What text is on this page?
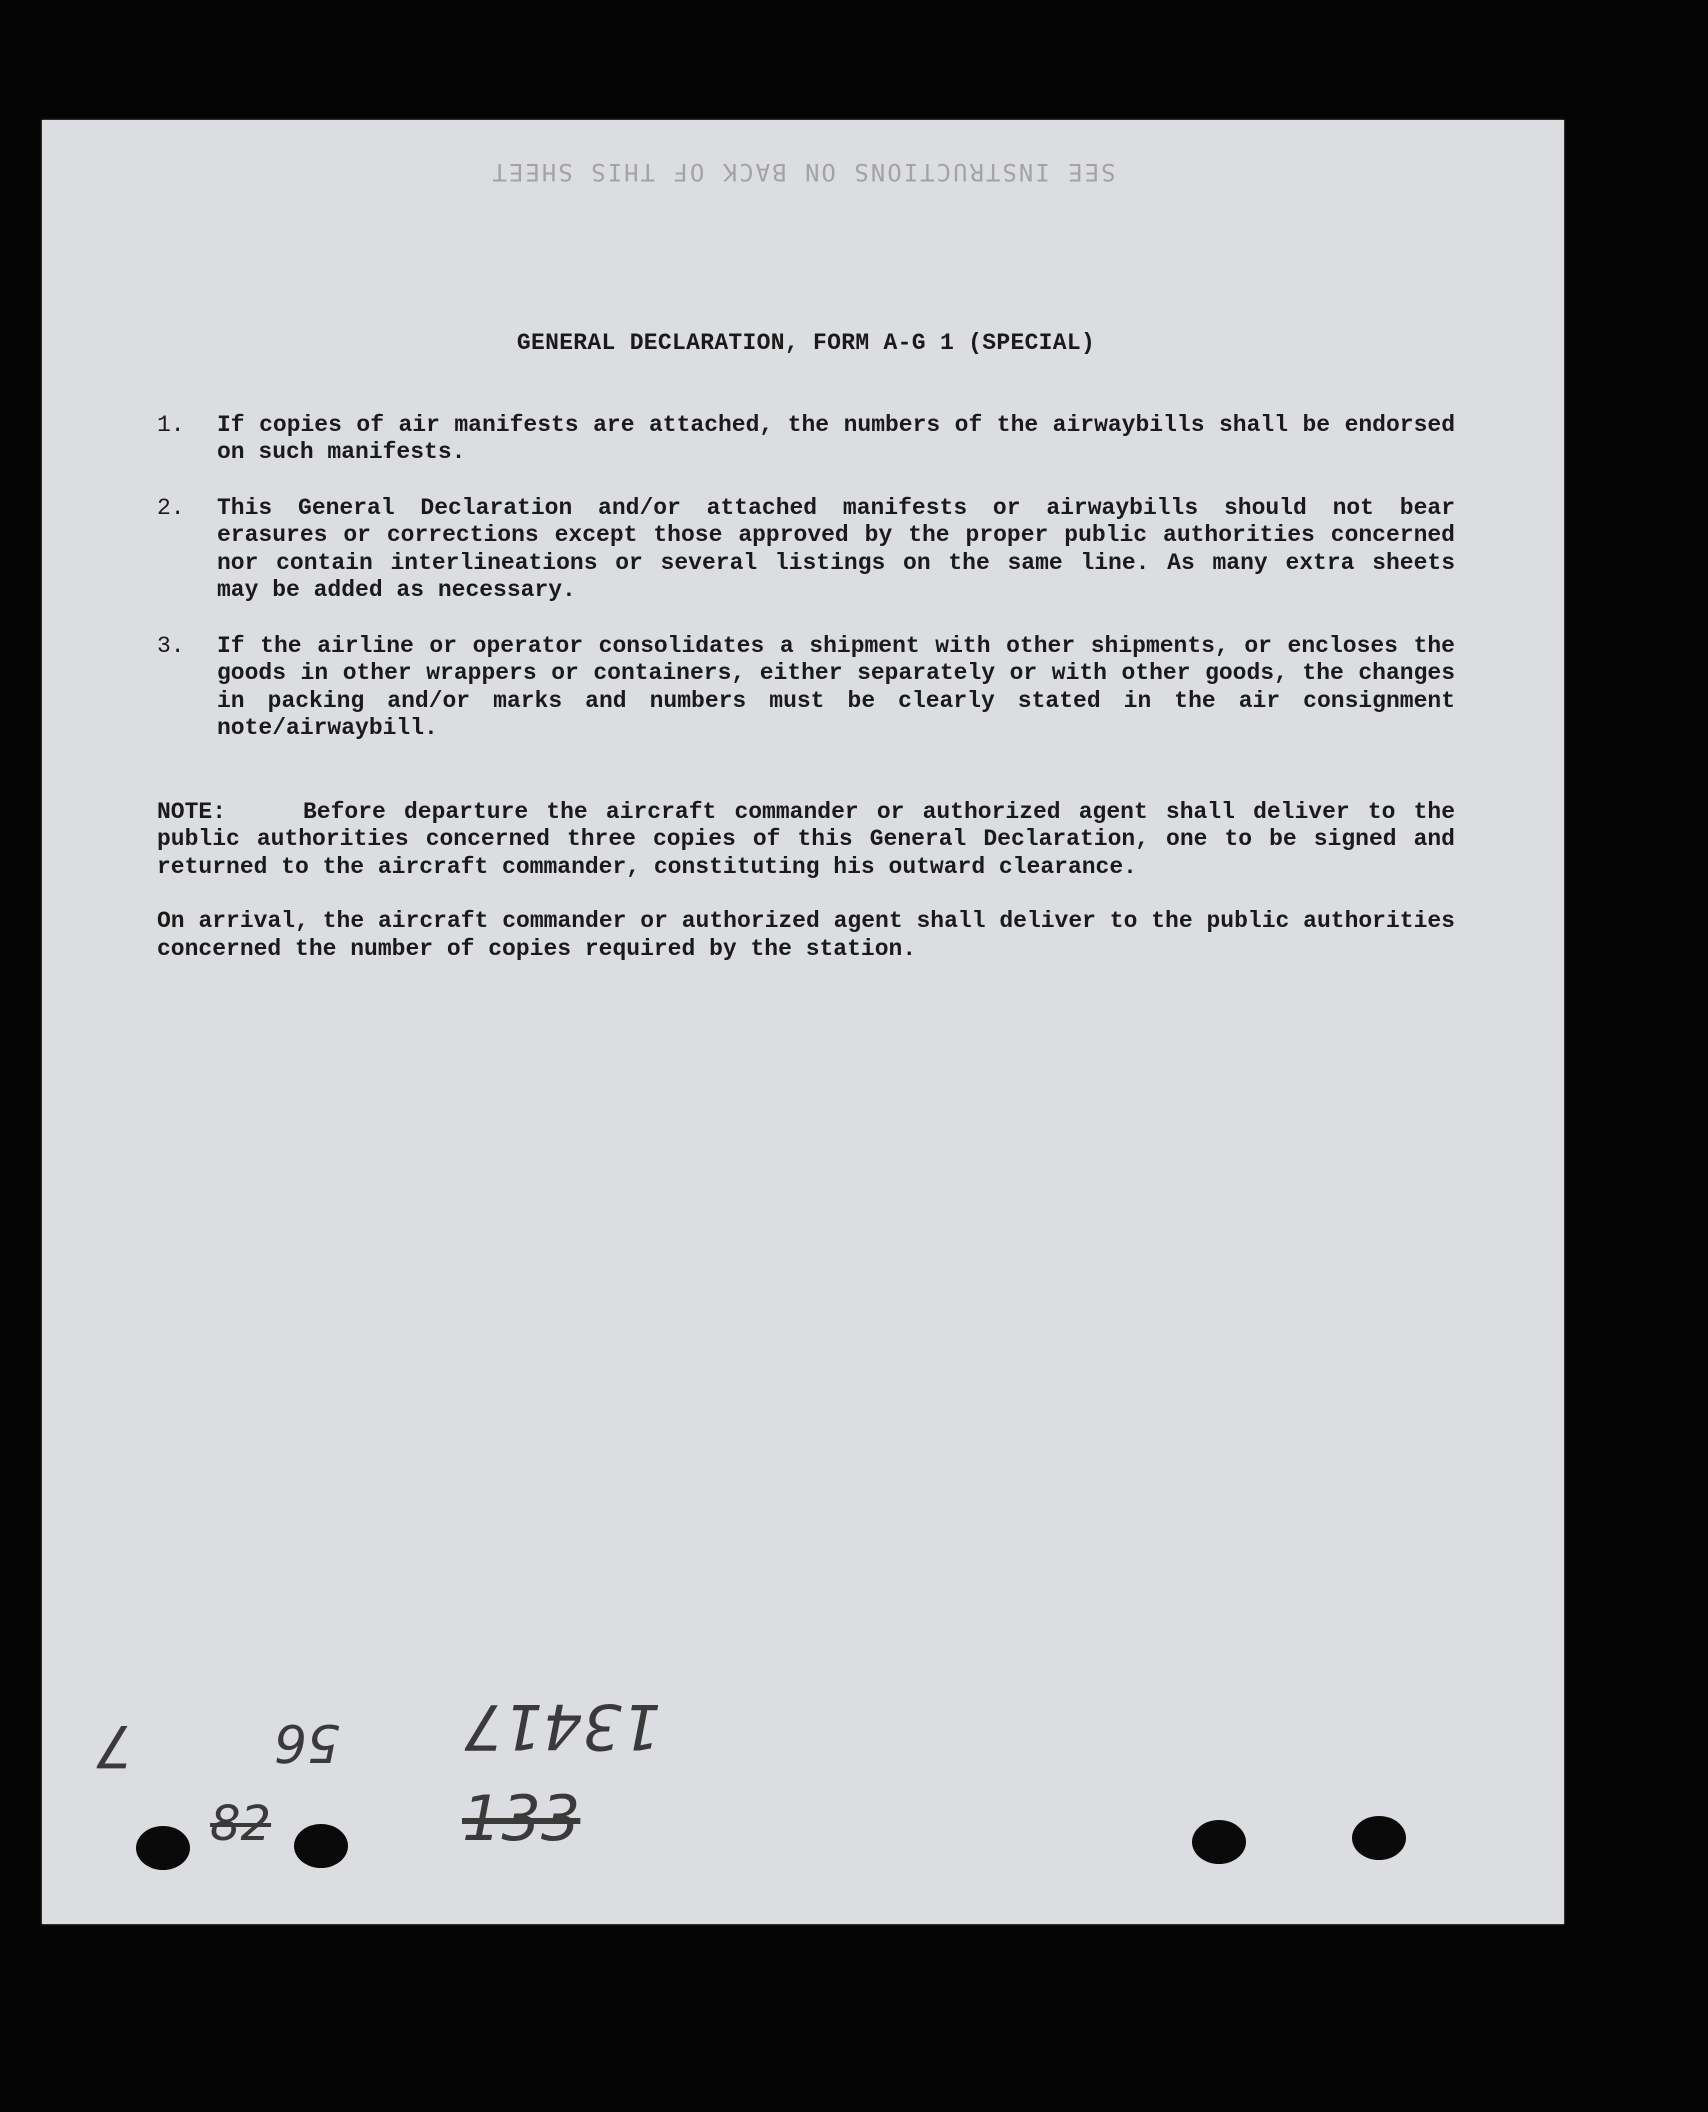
SEE INSTRUCTIONS ON BACK OF THIS SHEET
GENERAL DECLARATION, FORM A-G 1 (SPECIAL)
1.	If copies of air manifests are attached, the numbers of the airwaybills shall be endorsed on such manifests.
2.	This General Declaration and/or attached manifests or airwaybills should not bear erasures or corrections except those approved by the proper public authorities concerned nor contain interlineations or several listings on the same line. As many extra sheets may be added as necessary.
3.	If the airline or operator consolidates a shipment with other shipments, or encloses the goods in other wrappers or containers, either separately or with other goods, the changes in packing and/or marks and numbers must be clearly stated in the air consignment note/airwaybill.
NOTE:	Before departure the aircraft commander or authorized agent shall deliver to the public authorities concerned three copies of this General Declaration, one to be signed and returned to the aircraft commander, constituting his outward clearance.
On arrival, the aircraft commander or authorized agent shall deliver to the public authorities concerned the number of copies required by the station.
13417
56
7
133
82
